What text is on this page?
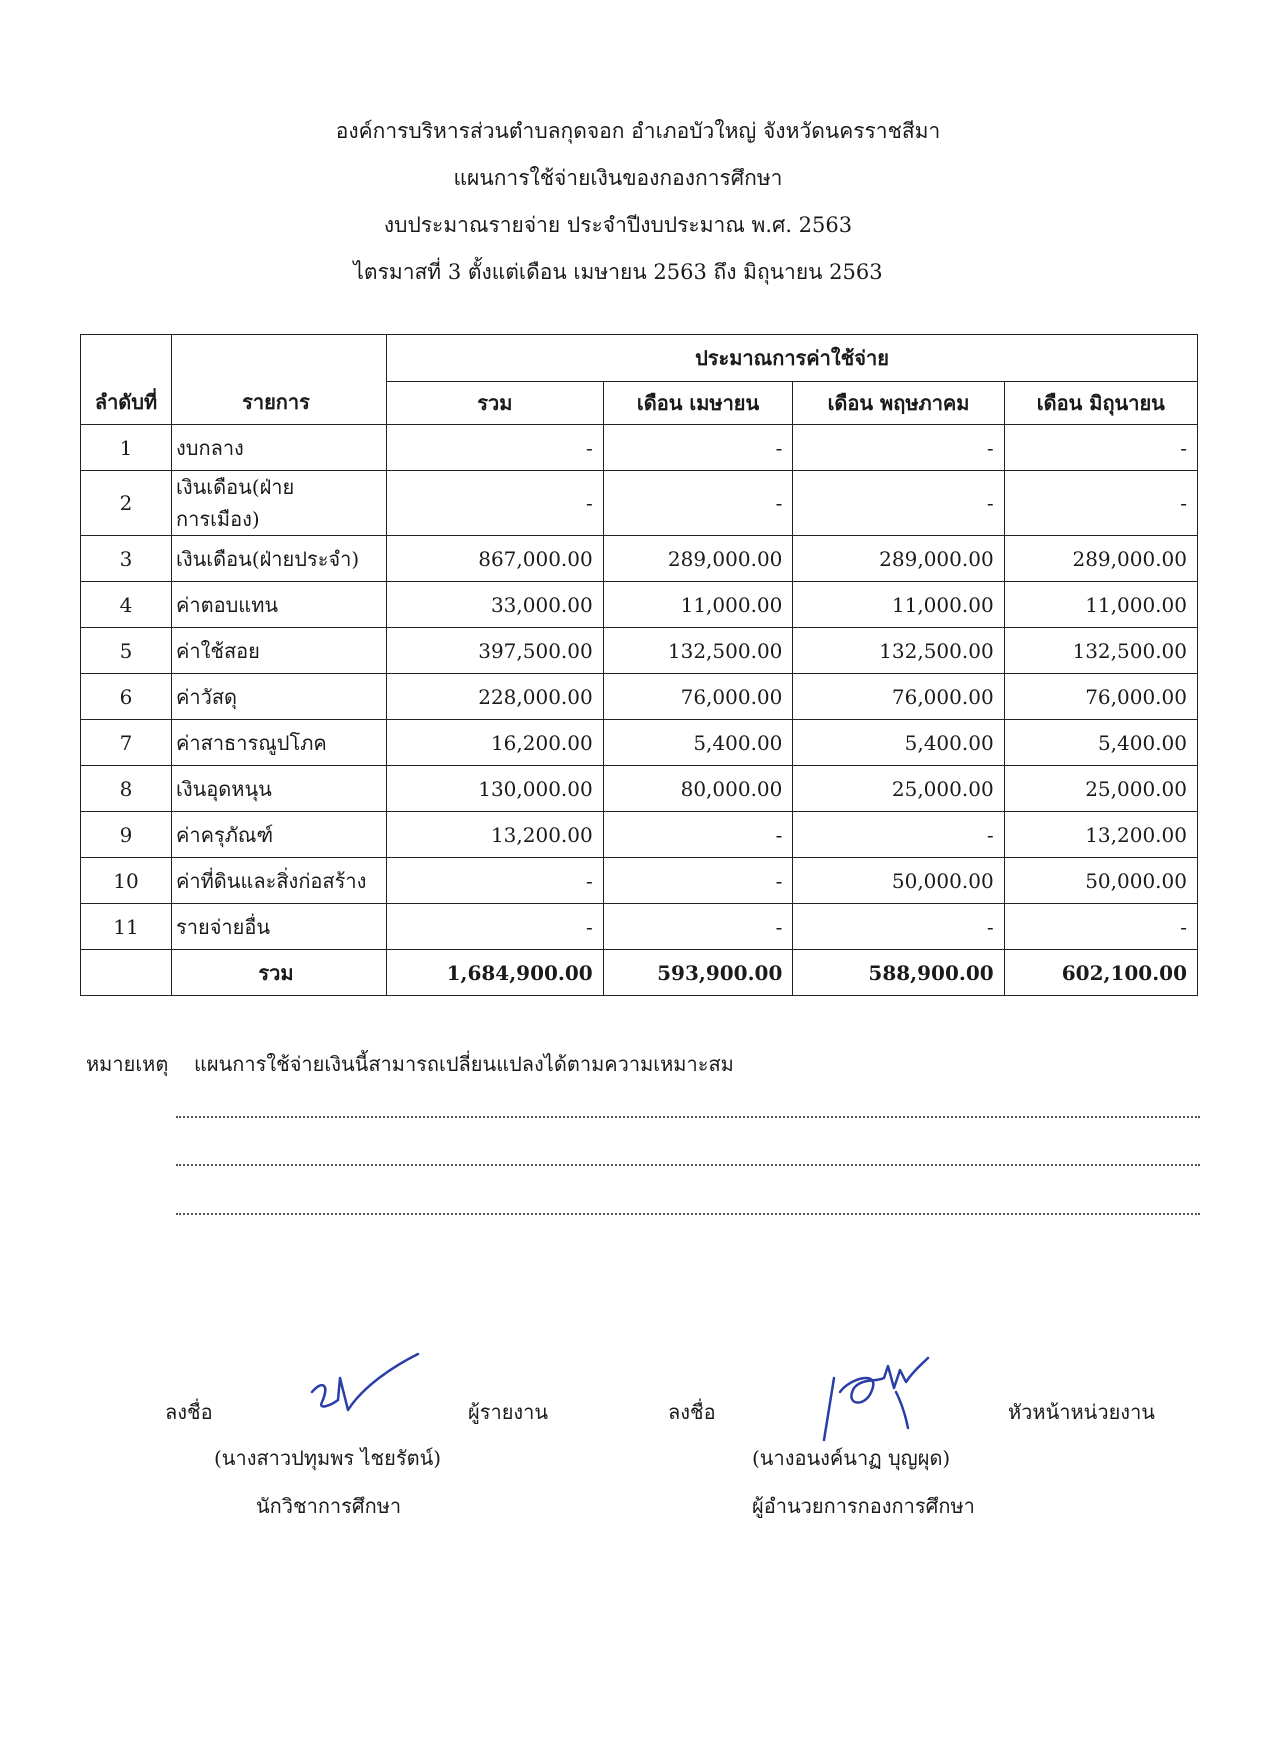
องค์การบริหารส่วนตำบลกุดจอก อำเภอบัวใหญ่ จังหวัดนครราชสีมา
แผนการใช้จ่ายเงินของกองการศึกษา
งบประมาณรายจ่าย ประจำปีงบประมาณ พ.ศ. 2563
ไตรมาสที่ 3 ตั้งแต่เดือน เมษายน 2563 ถึง มิถุนายน 2563
ลำดับที่	รายการ	ประมาณการค่าใช้จ่าย			
		รวม	เดือน เมษายน	เดือน พฤษภาคม	เดือน มิถุนายน
1	งบกลาง	-	-	-	-
2	เงินเดือน(ฝ่ายการเมือง)	-	-	-	-
3	เงินเดือน(ฝ่ายประจำ)	867,000.00	289,000.00	289,000.00	289,000.00
4	ค่าตอบแทน	33,000.00	11,000.00	11,000.00	11,000.00
5	ค่าใช้สอย	397,500.00	132,500.00	132,500.00	132,500.00
6	ค่าวัสดุ	228,000.00	76,000.00	76,000.00	76,000.00
7	ค่าสาธารณูปโภค	16,200.00	5,400.00	5,400.00	5,400.00
8	เงินอุดหนุน	130,000.00	80,000.00	25,000.00	25,000.00
9	ค่าครุภัณฑ์	13,200.00	-	-	13,200.00
10	ค่าที่ดินและสิ่งก่อสร้าง	-	-	50,000.00	50,000.00
11	รายจ่ายอื่น	-	-	-	-
	รวม	1,684,900.00	593,900.00	588,900.00	602,100.00
หมายเหตุ แผนการใช้จ่ายเงินนี้สามารถเปลี่ยนแปลงได้ตามความเหมาะสม
ลงชื่อ	ผู้รายงาน
(นางสาวปทุมพร ไชยรัตน์)
นักวิชาการศึกษา
ลงชื่อ	หัวหน้าหน่วยงาน
(นางอนงค์นาฏ บุญผุด)
ผู้อำนวยการกองการศึกษา
